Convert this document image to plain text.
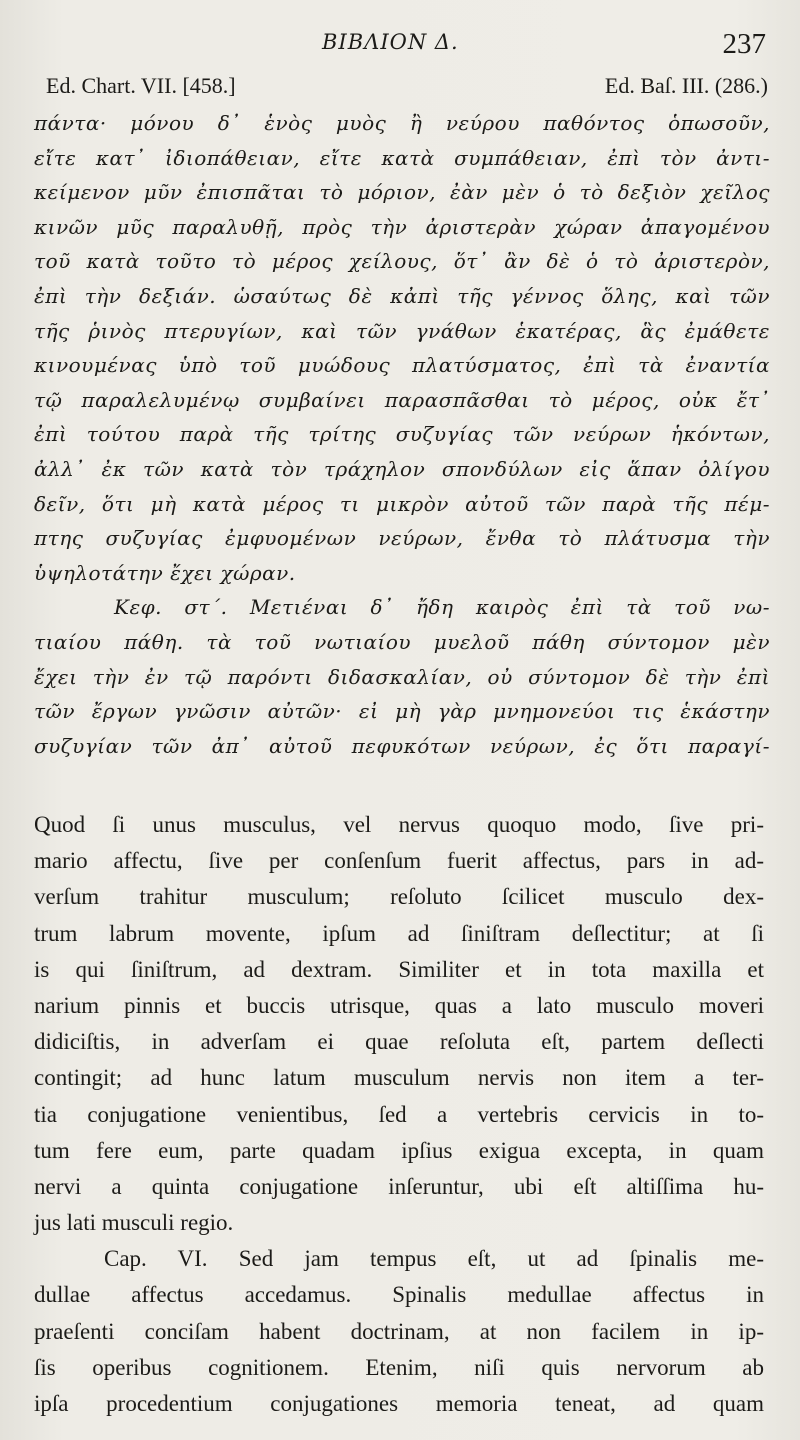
BIBΛΙΟΝ Δ.	237
Ed. Chart. VII. [458.]	Ed. Baſ. III. (286.)
πάντα· μόνου δ᾽ ἑνὸς μυὸς ἢ νεύρου παθόντος ὁπωσοῦν,
εἴτε κατ᾽ ἰδιοπάθειαν, εἴτε κατὰ συμπάθειαν, ἐπὶ τὸν ἀντι-
κείμενον μῦν ἐπισπᾶται τὸ μόριον, ἐὰν μὲν ὁ τὸ δεξιὸν χεῖλος
κινῶν μῦς παραλυθῇ, πρὸς τὴν ἀριστερὰν χώραν ἀπαγομένου
τοῦ κατὰ τοῦτο τὸ μέρος χείλους, ὅτ᾽ ἂν δὲ ὁ τὸ ἀριστερὸν,
ἐπὶ τὴν δεξιάν. ὡσαύτως δὲ κἀπὶ τῆς γέννος ὅλης, καὶ τῶν
τῆς ῥινὸς πτερυγίων, καὶ τῶν γνάθων ἑκατέρας, ἃς ἐμάθετε
κινουμένας ὑπὸ τοῦ μυώδους πλατύσματος, ἐπὶ τὰ ἐναντία
τῷ παραλελυμένῳ συμβαίνει παρασπᾶσθαι τὸ μέρος, οὐκ ἔτ᾽
ἐπὶ τούτου παρὰ τῆς τρίτης συζυγίας τῶν νεύρων ἡκόντων,
ἀλλ᾽ ἐκ τῶν κατὰ τὸν τράχηλον σπονδύλων εἰς ἅπαν ὀλίγου
δεῖν, ὅτι μὴ κατὰ μέρος τι μικρὸν αὐτοῦ τῶν παρὰ τῆς πέμ-
πτης συζυγίας ἐμφυομένων νεύρων, ἔνθα τὸ πλάτυσμα τὴν
ὑψηλοτάτην ἔχει χώραν.
Κεφ. στ΄. Μετιέναι δ᾽ ἤδη καιρὸς ἐπὶ τὰ τοῦ νω-
τιαίου πάθη. τὰ τοῦ νωτιαίου μυελοῦ πάθη σύντομον μὲν
ἔχει τὴν ἐν τῷ παρόντι διδασκαλίαν, οὐ σύντομον δὲ τὴν ἐπὶ
τῶν ἔργων γνῶσιν αὐτῶν· εἰ μὴ γὰρ μνημονεύοι τις ἑκάστην
συζυγίαν τῶν ἀπ᾽ αὐτοῦ πεφυκότων νεύρων, ἐς ὅτι παραγί-
Quod ſi unus musculus, vel nervus quoquo modo, ſive pri-
mario affectu, ſive per conſenſum fuerit affectus, pars in ad-
verſum trahitur musculum; reſoluto ſcilicet musculo dex-
trum labrum movente, ipſum ad ſiniſtram deſlectitur; at ſi
is qui ſiniſtrum, ad dextram. Similiter et in tota maxilla et
narium pinnis et buccis utrisque, quas a lato musculo moveri
didiciſtis, in adverſam ei quae reſoluta eſt, partem deſlecti
contingit; ad hunc latum musculum nervis non item a ter-
tia conjugatione venientibus, ſed a vertebris cervicis in to-
tum fere eum, parte quadam ipſius exigua excepta, in quam
nervi a quinta conjugatione inſeruntur, ubi eſt altiſſima hu-
jus lati musculi regio.
Cap. VI. Sed jam tempus eſt, ut ad ſpinalis me-
dullae affectus accedamus. Spinalis medullae affectus in
praeſenti conciſam habent doctrinam, at non facilem in ip-
ſis operibus cognitionem. Etenim, niſi quis nervorum ab
ipſa procedentium conjugationes memoria teneat, ad quam
